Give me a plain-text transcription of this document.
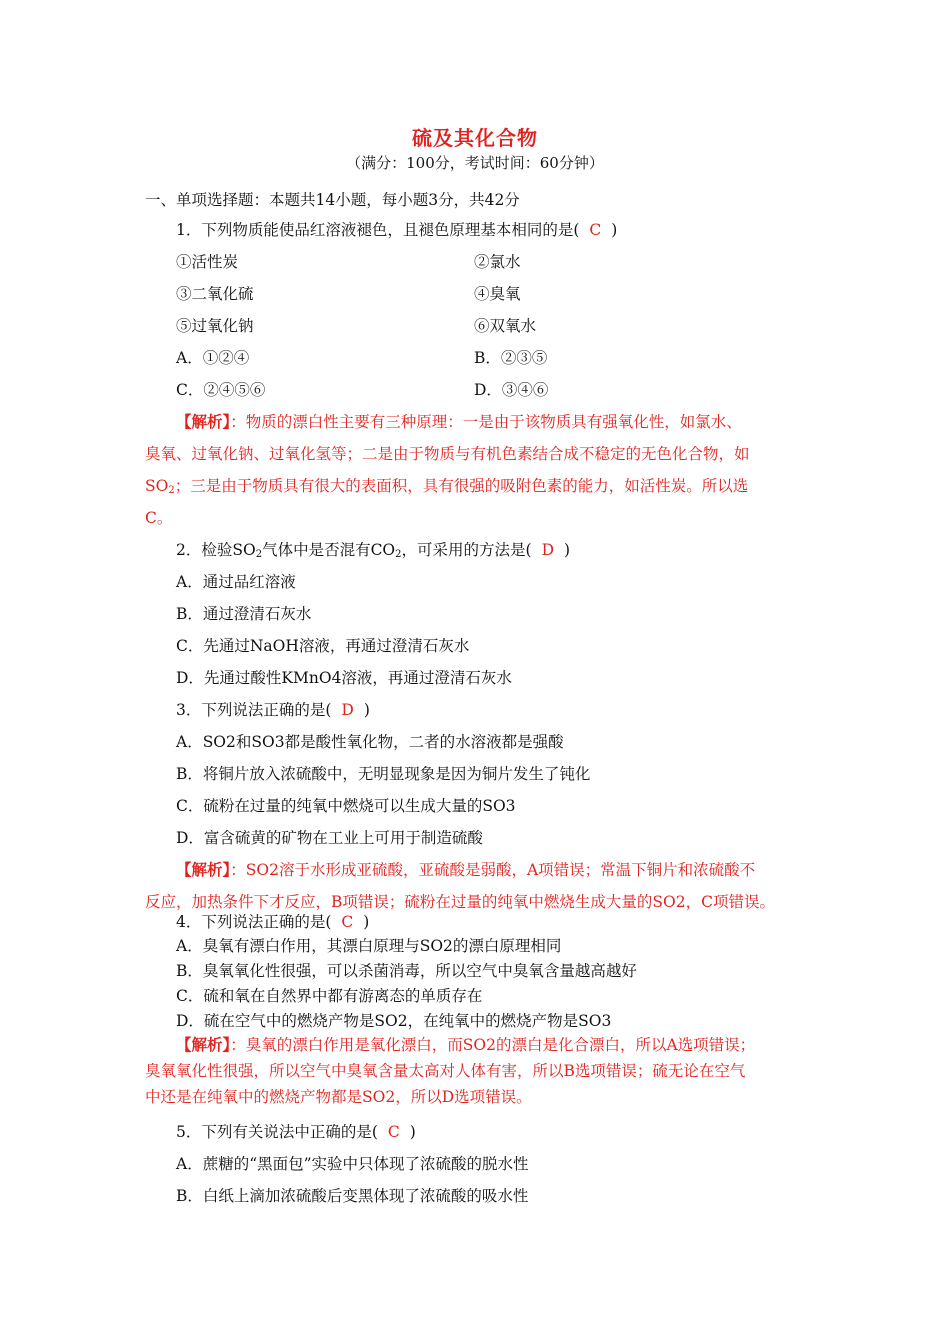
硫及其化合物
（满分：100分，考试时间：60分钟）
一、单项选择题：本题共14小题，每小题3分，共42分
1．下列物质能使品红溶液褪色，且褪色原理基本相同的是( C )
①活性炭	②氯水
③二氧化硫	④臭氧
⑤过氧化钠	⑥双氧水
A．①②④	B．②③⑤
C．②④⑤⑥	D．③④⑥
【解析】：物质的漂白性主要有三种原理：一是由于该物质具有强氧化性，如氯水、
臭氧、过氧化钠、过氧化氢等；二是由于物质与有机色素结合成不稳定的无色化合物，如
$SO_2$；三是由于物质具有很大的表面积，具有很强的吸附色素的能力，如活性炭。所以选
C。
2．检验$SO_2$气体中是否混有$CO_2$，可采用的方法是( D )
A．通过品红溶液
B．通过澄清石灰水
C．先通过NaOH溶液，再通过澄清石灰水
D．先通过酸性KMnO4溶液，再通过澄清石灰水
3．下列说法正确的是( D )
A．SO2和SO3都是酸性氧化物，二者的水溶液都是强酸
B．将铜片放入浓硫酸中，无明显现象是因为铜片发生了钝化
C．硫粉在过量的纯氧中燃烧可以生成大量的SO3
D．富含硫黄的矿物在工业上可用于制造硫酸
【解析】：SO2溶于水形成亚硫酸，亚硫酸是弱酸，A项错误；常温下铜片和浓硫酸不
反应，加热条件下才反应，B项错误；硫粉在过量的纯氧中燃烧生成大量的SO2，C项错误。
4．下列说法正确的是( C )
A．臭氧有漂白作用，其漂白原理与SO2的漂白原理相同
B．臭氧氧化性很强，可以杀菌消毒，所以空气中臭氧含量越高越好
C．硫和氧在自然界中都有游离态的单质存在
D．硫在空气中的燃烧产物是SO2，在纯氧中的燃烧产物是SO3
【解析】：臭氧的漂白作用是氧化漂白，而SO2的漂白是化合漂白，所以A选项错误；
臭氧氧化性很强，所以空气中臭氧含量太高对人体有害，所以B选项错误；硫无论在空气
中还是在纯氧中的燃烧产物都是SO2，所以D选项错误。
5．下列有关说法中正确的是( C )
A．蔗糖的“黑面包”实验中只体现了浓硫酸的脱水性
B．白纸上滴加浓硫酸后变黑体现了浓硫酸的吸水性
